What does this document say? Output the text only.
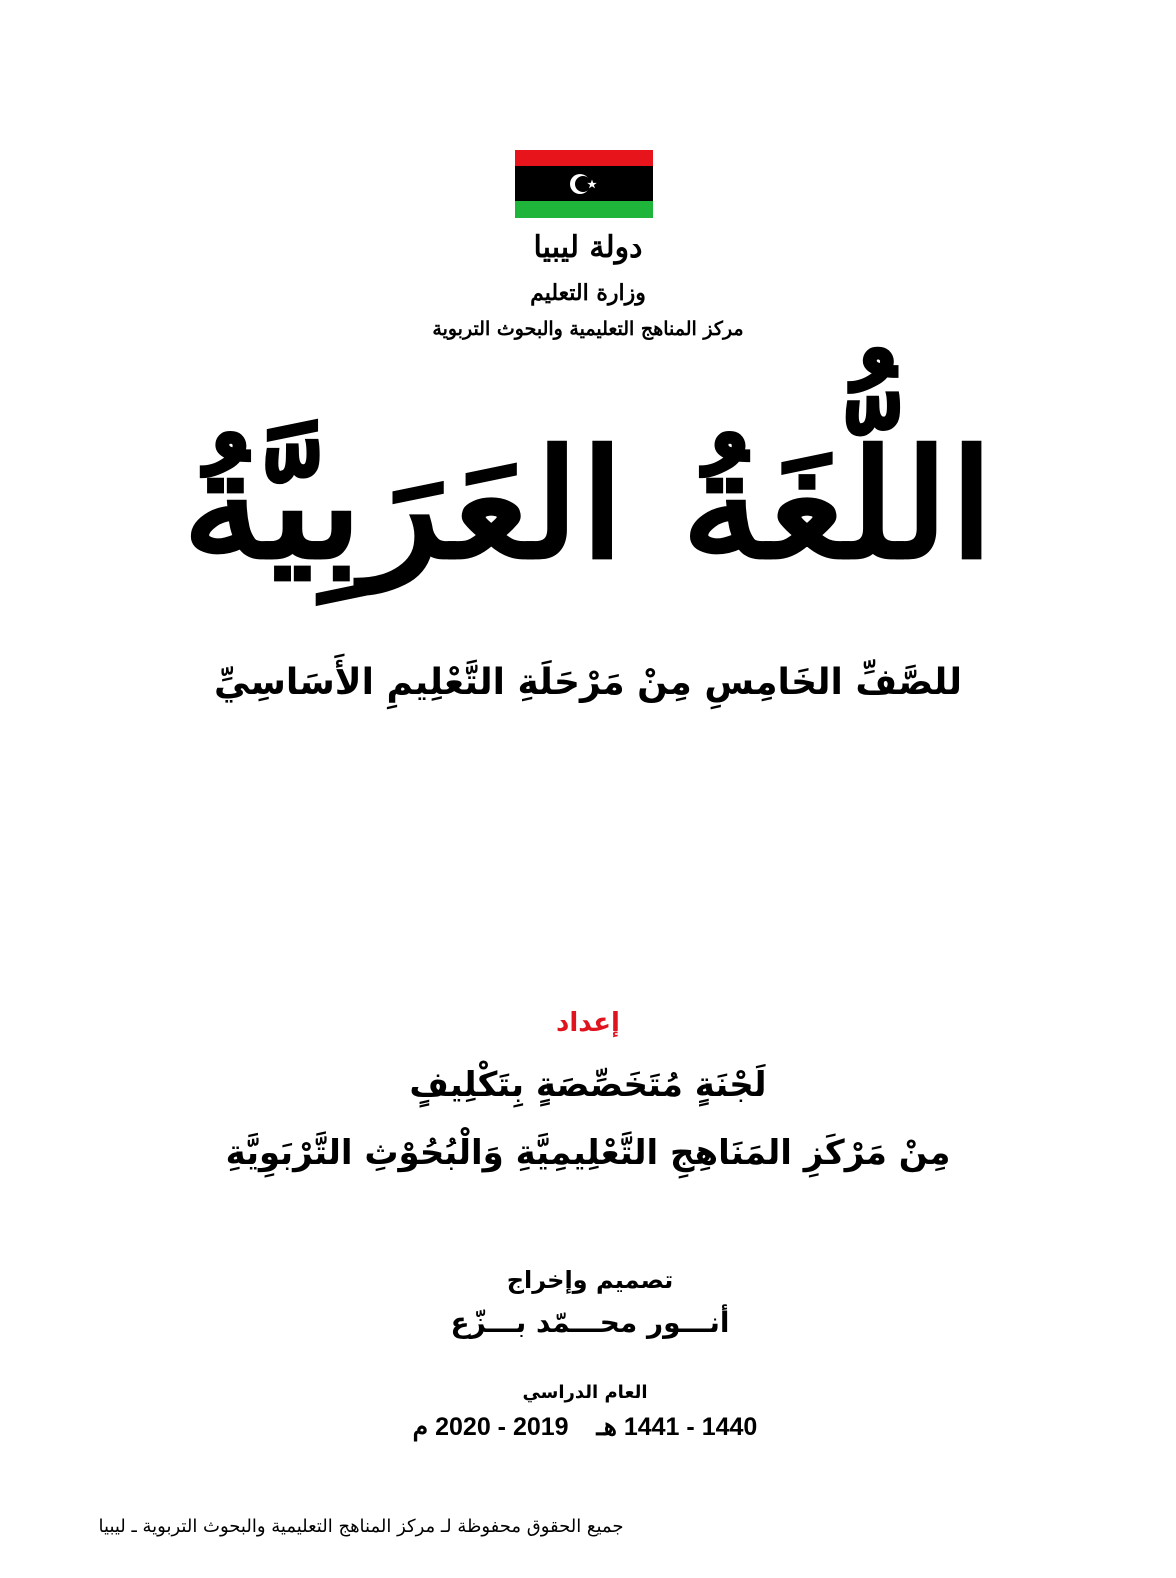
دولة ليبيا
وزارة التعليم
مركز المناهج التعليمية والبحوث التربوية
اللُّغَةُ العَرَبِيَّةُ
للصَّفِّ الخَامِسِ مِنْ مَرْحَلَةِ التَّعْلِيمِ الأَسَاسِيِّ
إعداد
لَجْنَةٍ مُتَخَصِّصَةٍ بِتَكْلِيفٍ
مِنْ مَرْكَزِ المَنَاهِجِ التَّعْلِيمِيَّةِ وَالْبُحُوْثِ التَّرْبَوِيَّةِ
تصميم وإخراج
أنـــور محـــمّد بـــزّع
العام الدراسي
1440 - 1441 هـ    2019 - 2020 م
جميع الحقوق محفوظة لـ مركز المناهج التعليمية والبحوث التربوية ـ ليبيا
